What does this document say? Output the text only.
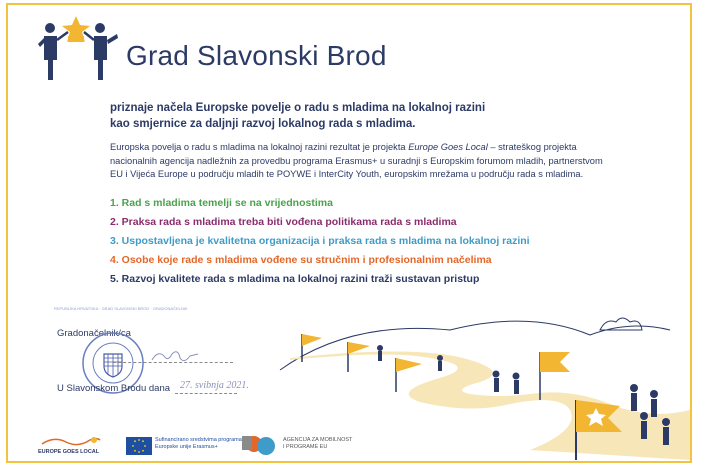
Grad Slavonski Brod
priznaje načela Europske povelje o radu s mladima na lokalnoj razini
kao smjernice za daljnji razvoj lokalnog rada s mladima.
Europska povelja o radu s mladima na lokalnoj razini rezultat je projekta Europe Goes Local – strateškog projekta nacionalnih agencija nadležnih za provedbu programa Erasmus+ u suradnji s Europskim forumom mladih, partnerstvom EU i Vijeća Europe u području mladih te POYWE i InterCity Youth, europskim mrežama u području rada s mladima.
1. Rad s mladima temelji se na vrijednostima
2. Praksa rada s mladima treba biti vođena politikama rada s mladima
3. Uspostavljena je kvalitetna organizacija i praksa rada s mladima na lokalnoj razini
4. Osobe koje rade s mladima vođene su stručnim i profesionalnim načelima
5. Razvoj kvalitete rada s mladima na lokalnoj razini traži sustavan pristup
Gradonačelnik/ca
REPUBLIKA HRVATSKA · GRAD SLAVONSKI BROD · GRADONAČELNIK
U Slavonskom Brodu dana 27. svibnja 2021.
EUROPE GOES LOCAL
Sufinancirano sredstvima programa Europske unije Erasmus+
AGENCIJA ZA MOBILNOST I PROGRAME EU
